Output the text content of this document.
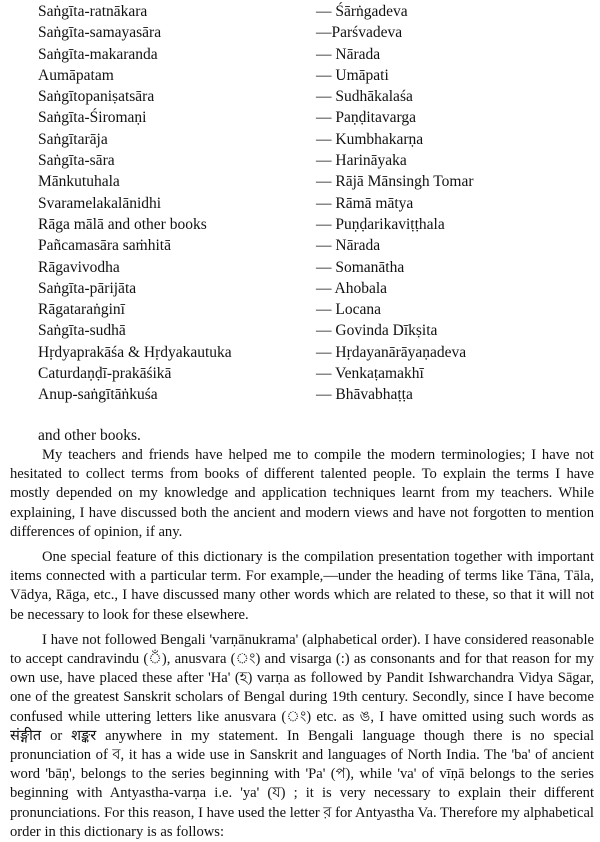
Saṅgīta-ratnākara	— Śārṅgadeva
Saṅgīta-samayasāra	—Parśvadeva
Saṅgīta-makaranda	— Nārada
Aumāpatam	— Umāpati
Saṅgītopaniṣatsāra	— Sudhākalaśa
Saṅgīta-Śiromaṇi	— Paṇḍitavarga
Saṅgītarāja	— Kumbhakarṇa
Saṅgīta-sāra	— Harināyaka
Mānkutuhala	— Rājā Mānsingh Tomar
Svaramelakalānidhi	— Rāmā mātya
Rāga mālā and other books	— Puṇḍarikaviṭṭhala
Pañcamasāra saṁhitā	— Nārada
Rāgavivodha	— Somanātha
Saṅgīta-pārijāta	— Ahobala
Rāgataraṅginī	— Locana
Saṅgīta-sudhā	— Govinda Dīkṣita
Hṛdyaprakāśa & Hṛdyakautuka	— Hṛdayanārāyaṇadeva
Caturdaṇḍī-prakāśikā	— Venkaṭamakhī
Anup-saṅgītāṅkuśa	— Bhāvabhaṭṭa
and other books.

My teachers and friends have helped me to compile the modern terminologies; I have not hesitated to collect terms from books of different talented people. To explain the terms I have mostly depended on my knowledge and application techniques learnt from my teachers. While explaining, I have discussed both the ancient and modern views and have not forgotten to mention differences of opinion, if any.

One special feature of this dictionary is the compilation presentation together with important items connected with a particular term. For example,—under the heading of terms like Tāna, Tāla, Vādya, Rāga, etc., I have discussed many other words which are related to these, so that it will not be necessary to look for these elsewhere.

I have not followed Bengali 'varṇānukrama' (alphabetical order). I have considered reasonable to accept candravindu (ঁ), anusvara (ং) and visarga (:) as consonants and for that reason for my own use, have placed these after 'Ha' (হ) varṇa as followed by Pandit Ishwarchandra Vidya Sāgar, one of the greatest Sanskrit scholars of Bengal during 19th century. Secondly, since I have become confused while uttering letters like anusvara (ং) etc. as ঙ, I have omitted using such words as संङ्गीत or शङ्कर anywhere in my statement. In Bengali language though there is no special pronunciation of ব, it has a wide use in Sanskrit and languages of North India. The 'ba' of ancient word 'bāṇ', belongs to the series beginning with 'Pa' (প), while 'va' of vīṇā belongs to the series beginning with Antyastha-varṇa i.e. 'ya' (য) ; it is very necessary to explain their different pronunciations. For this reason, I have used the letter ব় for Antyastha Va. Therefore my alphabetical order in this dictionary is as follows:
